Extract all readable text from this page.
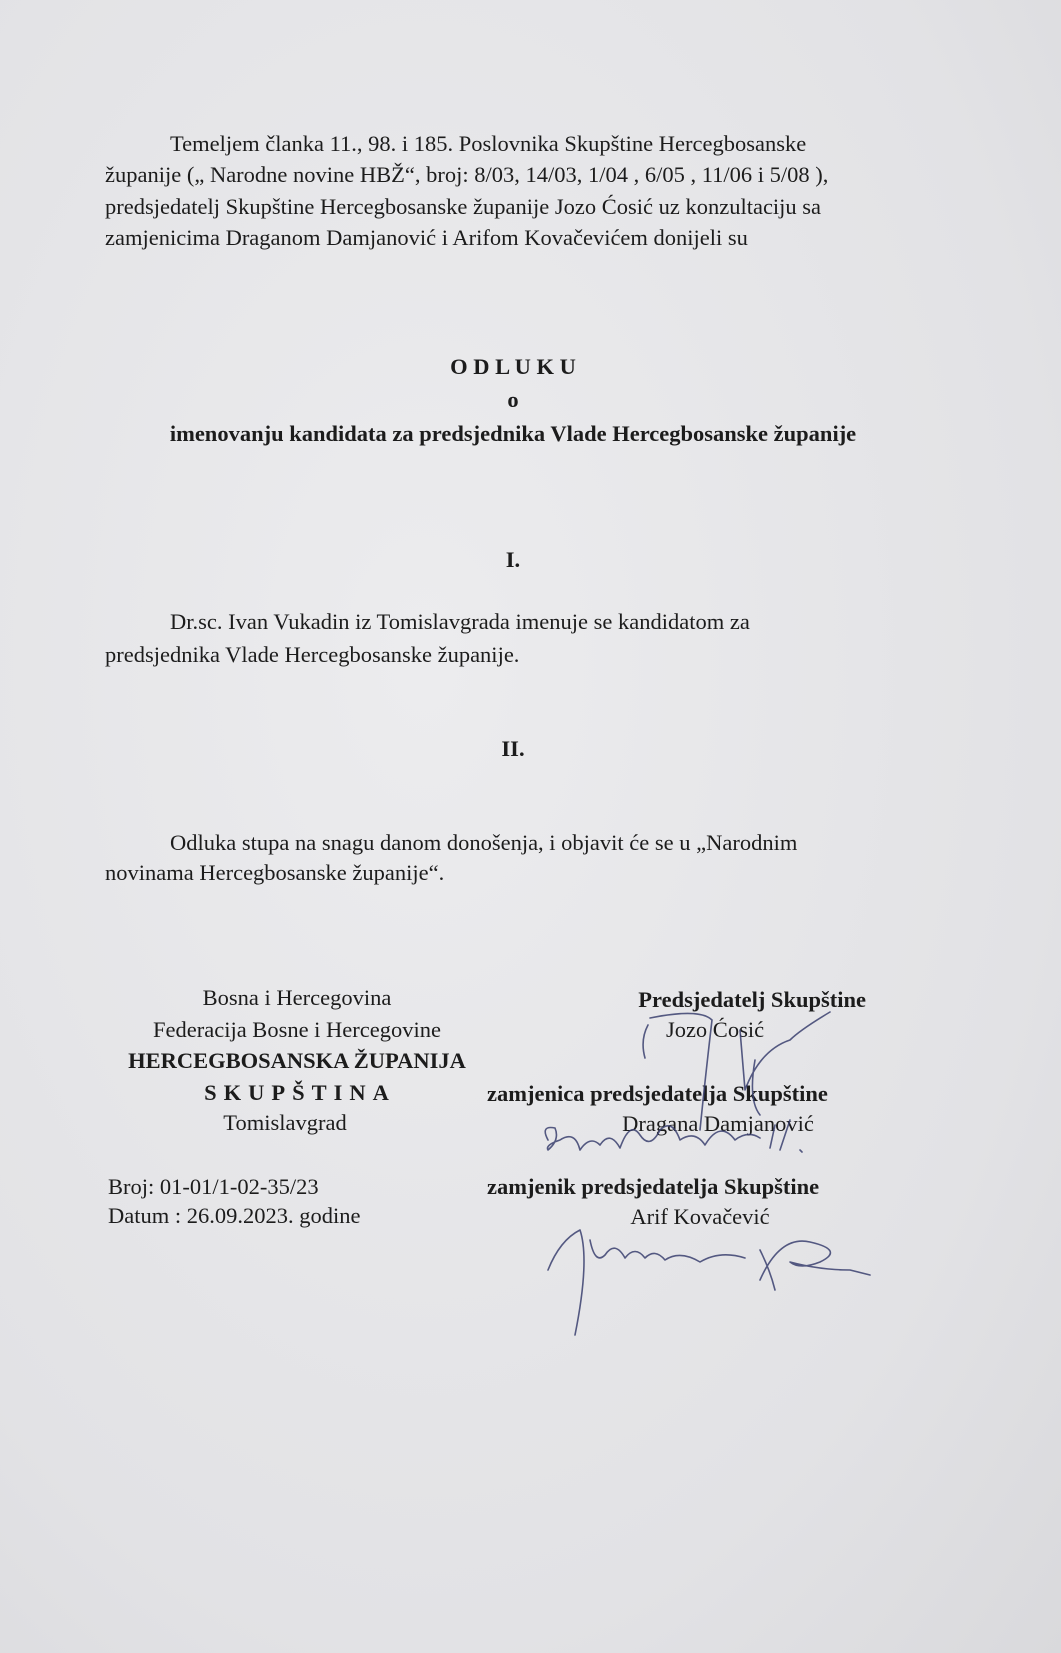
Temeljem članka 11., 98. i 185. Poslovnika Skupštine Hercegbosanske
županije („ Narodne novine HBŽ“, broj: 8/03, 14/03, 1/04 , 6/05 , 11/06 i 5/08 ),
predsjedatelj Skupštine Hercegbosanske županije Jozo Ćosić uz konzultaciju sa
zamjenicima Draganom Damjanović i Arifom Kovačevićem donijeli su
O D L U K U
o
imenovanju kandidata za predsjednika Vlade Hercegbosanske županije
I.
Dr.sc. Ivan Vukadin iz Tomislavgrada imenuje se kandidatom za
predsjednika Vlade Hercegbosanske županije.
II.
Odluka stupa na snagu danom donošenja, i objavit će se u „Narodnim
novinama Hercegbosanske županije“.
Bosna i Hercegovina
Federacija Bosne i Hercegovine
HERCEGBOSANSKA ŽUPANIJA
SKUPŠTINA
Tomislavgrad
Broj: 01-01/1-02-35/23
Datum : 26.09.2023. godine
Predsjedatelj Skupštine
Jozo Ćosić
zamjenica predsjedatelja Skupštine
Dragana Damjanović
zamjenik predsjedatelja Skupštine
Arif Kovačević
